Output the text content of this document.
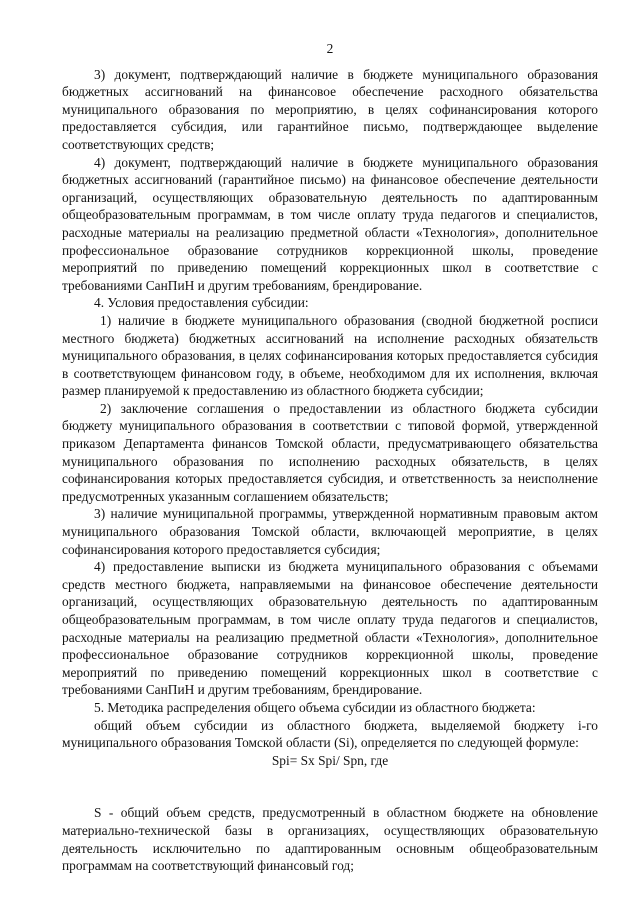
2

3) документ, подтверждающий наличие в бюджете муниципального образования бюджетных ассигнований на финансовое обеспечение расходного обязательства муниципального образования по мероприятию, в целях софинансирования которого предоставляется субсидия, или гарантийное письмо, подтверждающее выделение соответствующих средств;

4) документ, подтверждающий наличие в бюджете муниципального образования бюджетных ассигнований (гарантийное письмо) на финансовое обеспечение деятельности организаций, осуществляющих образовательную деятельность по адаптированным общеобразовательным программам, в том числе оплату труда педагогов и специалистов, расходные материалы на реализацию предметной области «Технология», дополнительное профессиональное образование сотрудников коррекционной школы, проведение мероприятий по приведению помещений коррекционных школ в соответствие с требованиями СанПиН и другим требованиям, брендирование.

4. Условия предоставления субсидии:

1) наличие в бюджете муниципального образования (сводной бюджетной росписи местного бюджета) бюджетных ассигнований на исполнение расходных обязательств муниципального образования, в целях софинансирования которых предоставляется субсидия в соответствующем финансовом году, в объеме, необходимом для их исполнения, включая размер планируемой к предоставлению из областного бюджета субсидии;

2) заключение соглашения о предоставлении из областного бюджета субсидии бюджету муниципального образования в соответствии с типовой формой, утвержденной приказом Департамента финансов Томской области, предусматривающего обязательства муниципального образования по исполнению расходных обязательств, в целях софинансирования которых предоставляется субсидия, и ответственность за неисполнение предусмотренных указанным соглашением обязательств;

3) наличие муниципальной программы, утвержденной нормативным правовым актом муниципального образования Томской области, включающей мероприятие, в целях софинансирования которого предоставляется субсидия;

4) предоставление выписки из бюджета муниципального образования с объемами средств местного бюджета, направляемыми на финансовое обеспечение деятельности организаций, осуществляющих образовательную деятельность по адаптированным общеобразовательным программам, в том числе оплату труда педагогов и специалистов, расходные материалы на реализацию предметной области «Технология», дополнительное профессиональное образование сотрудников коррекционной школы, проведение мероприятий по приведению помещений коррекционных школ в соответствие с требованиями СанПиН и другим требованиям, брендирование.

5. Методика распределения общего объема субсидии из областного бюджета:

общий объем субсидии из областного бюджета, выделяемой бюджету i-го муниципального образования Томской области (Si), определяется по следующей формуле:

Spi= Sx Spi/ Spn, где

S - общий объем средств, предусмотренный в областном бюджете на обновление материально-технической базы в организациях, осуществляющих образовательную деятельность исключительно по адаптированным основным общеобразовательным программам на соответствующий финансовый год;
